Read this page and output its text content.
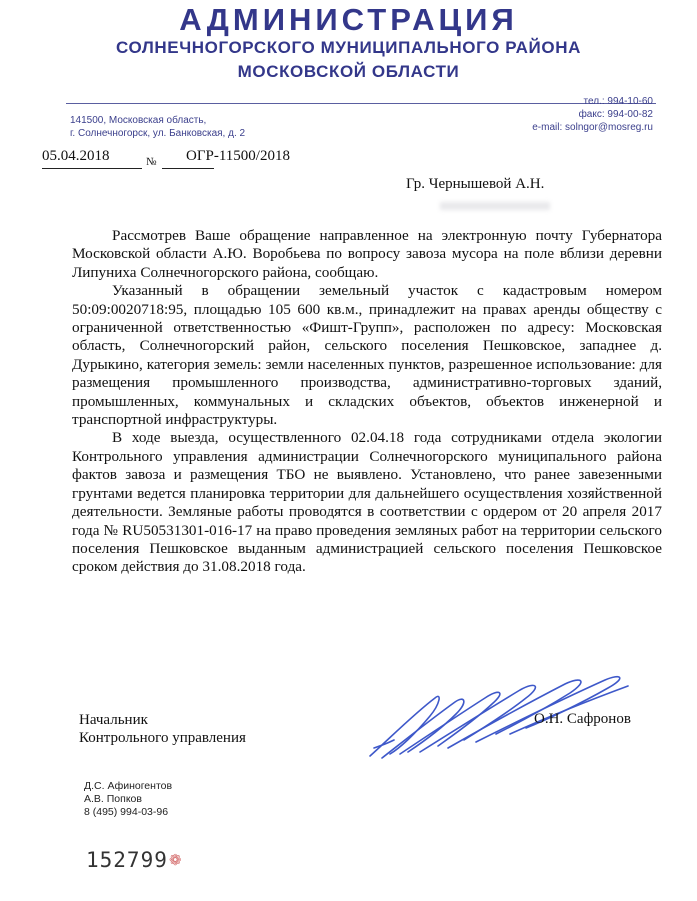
АДМИНИСТРАЦИЯ
СОЛНЕЧНОГОРСКОГО МУНИЦИПАЛЬНОГО РАЙОНА
МОСКОВСКОЙ ОБЛАСТИ
141500, Московская область,
г. Солнечногорск, ул. Банковская, д. 2
тел.: 994-10-60
факс: 994-00-82
e-mail: solngor@mosreg.ru
05.04.2018	№ ОГР-11500/2018
Гр. Чернышевой А.Н.

Рассмотрев Ваше обращение направленное на электронную почту Губернатора Московской области А.Ю. Воробьева по вопросу завоза мусора на поле вблизи деревни Липуниха Солнечногорского района, сообщаю.

Указанный в обращении земельный участок с кадастровым номером 50:09:0020718:95, площадью 105 600 кв.м., принадлежит на правах аренды обществу с ограниченной ответственностью «Фишт-Групп», расположен по адресу: Московская область, Солнечногорский район, сельского поселения Пешковское, западнее д. Дурыкино, категория земель: земли населенных пунктов, разрешенное использование: для размещения промышленного производства, административно-торговых зданий, промышленных, коммунальных и складских объектов, объектов инженерной и транспортной инфраструктуры.

В ходе выезда, осуществленного 02.04.18 года сотрудниками отдела экологии Контрольного управления администрации Солнечногорского муниципального района фактов завоза и размещения ТБО не выявлено. Установлено, что ранее завезенными грунтами ведется планировка территории для дальнейшего осуществления хозяйственной деятельности. Земляные работы проводятся в соответствии с ордером от 20 апреля 2017 года № RU50531301-016-17 на право проведения земляных работ на территории сельского поселения Пешковское выданным администрацией сельского поселения Пешковское сроком действия до 31.08.2018 года.

Начальник
Контрольного управления
О.Н. Сафронов
Д.С. Афиногентов
А.В. Попков
8 (495) 994-03-96
152799 ❁
